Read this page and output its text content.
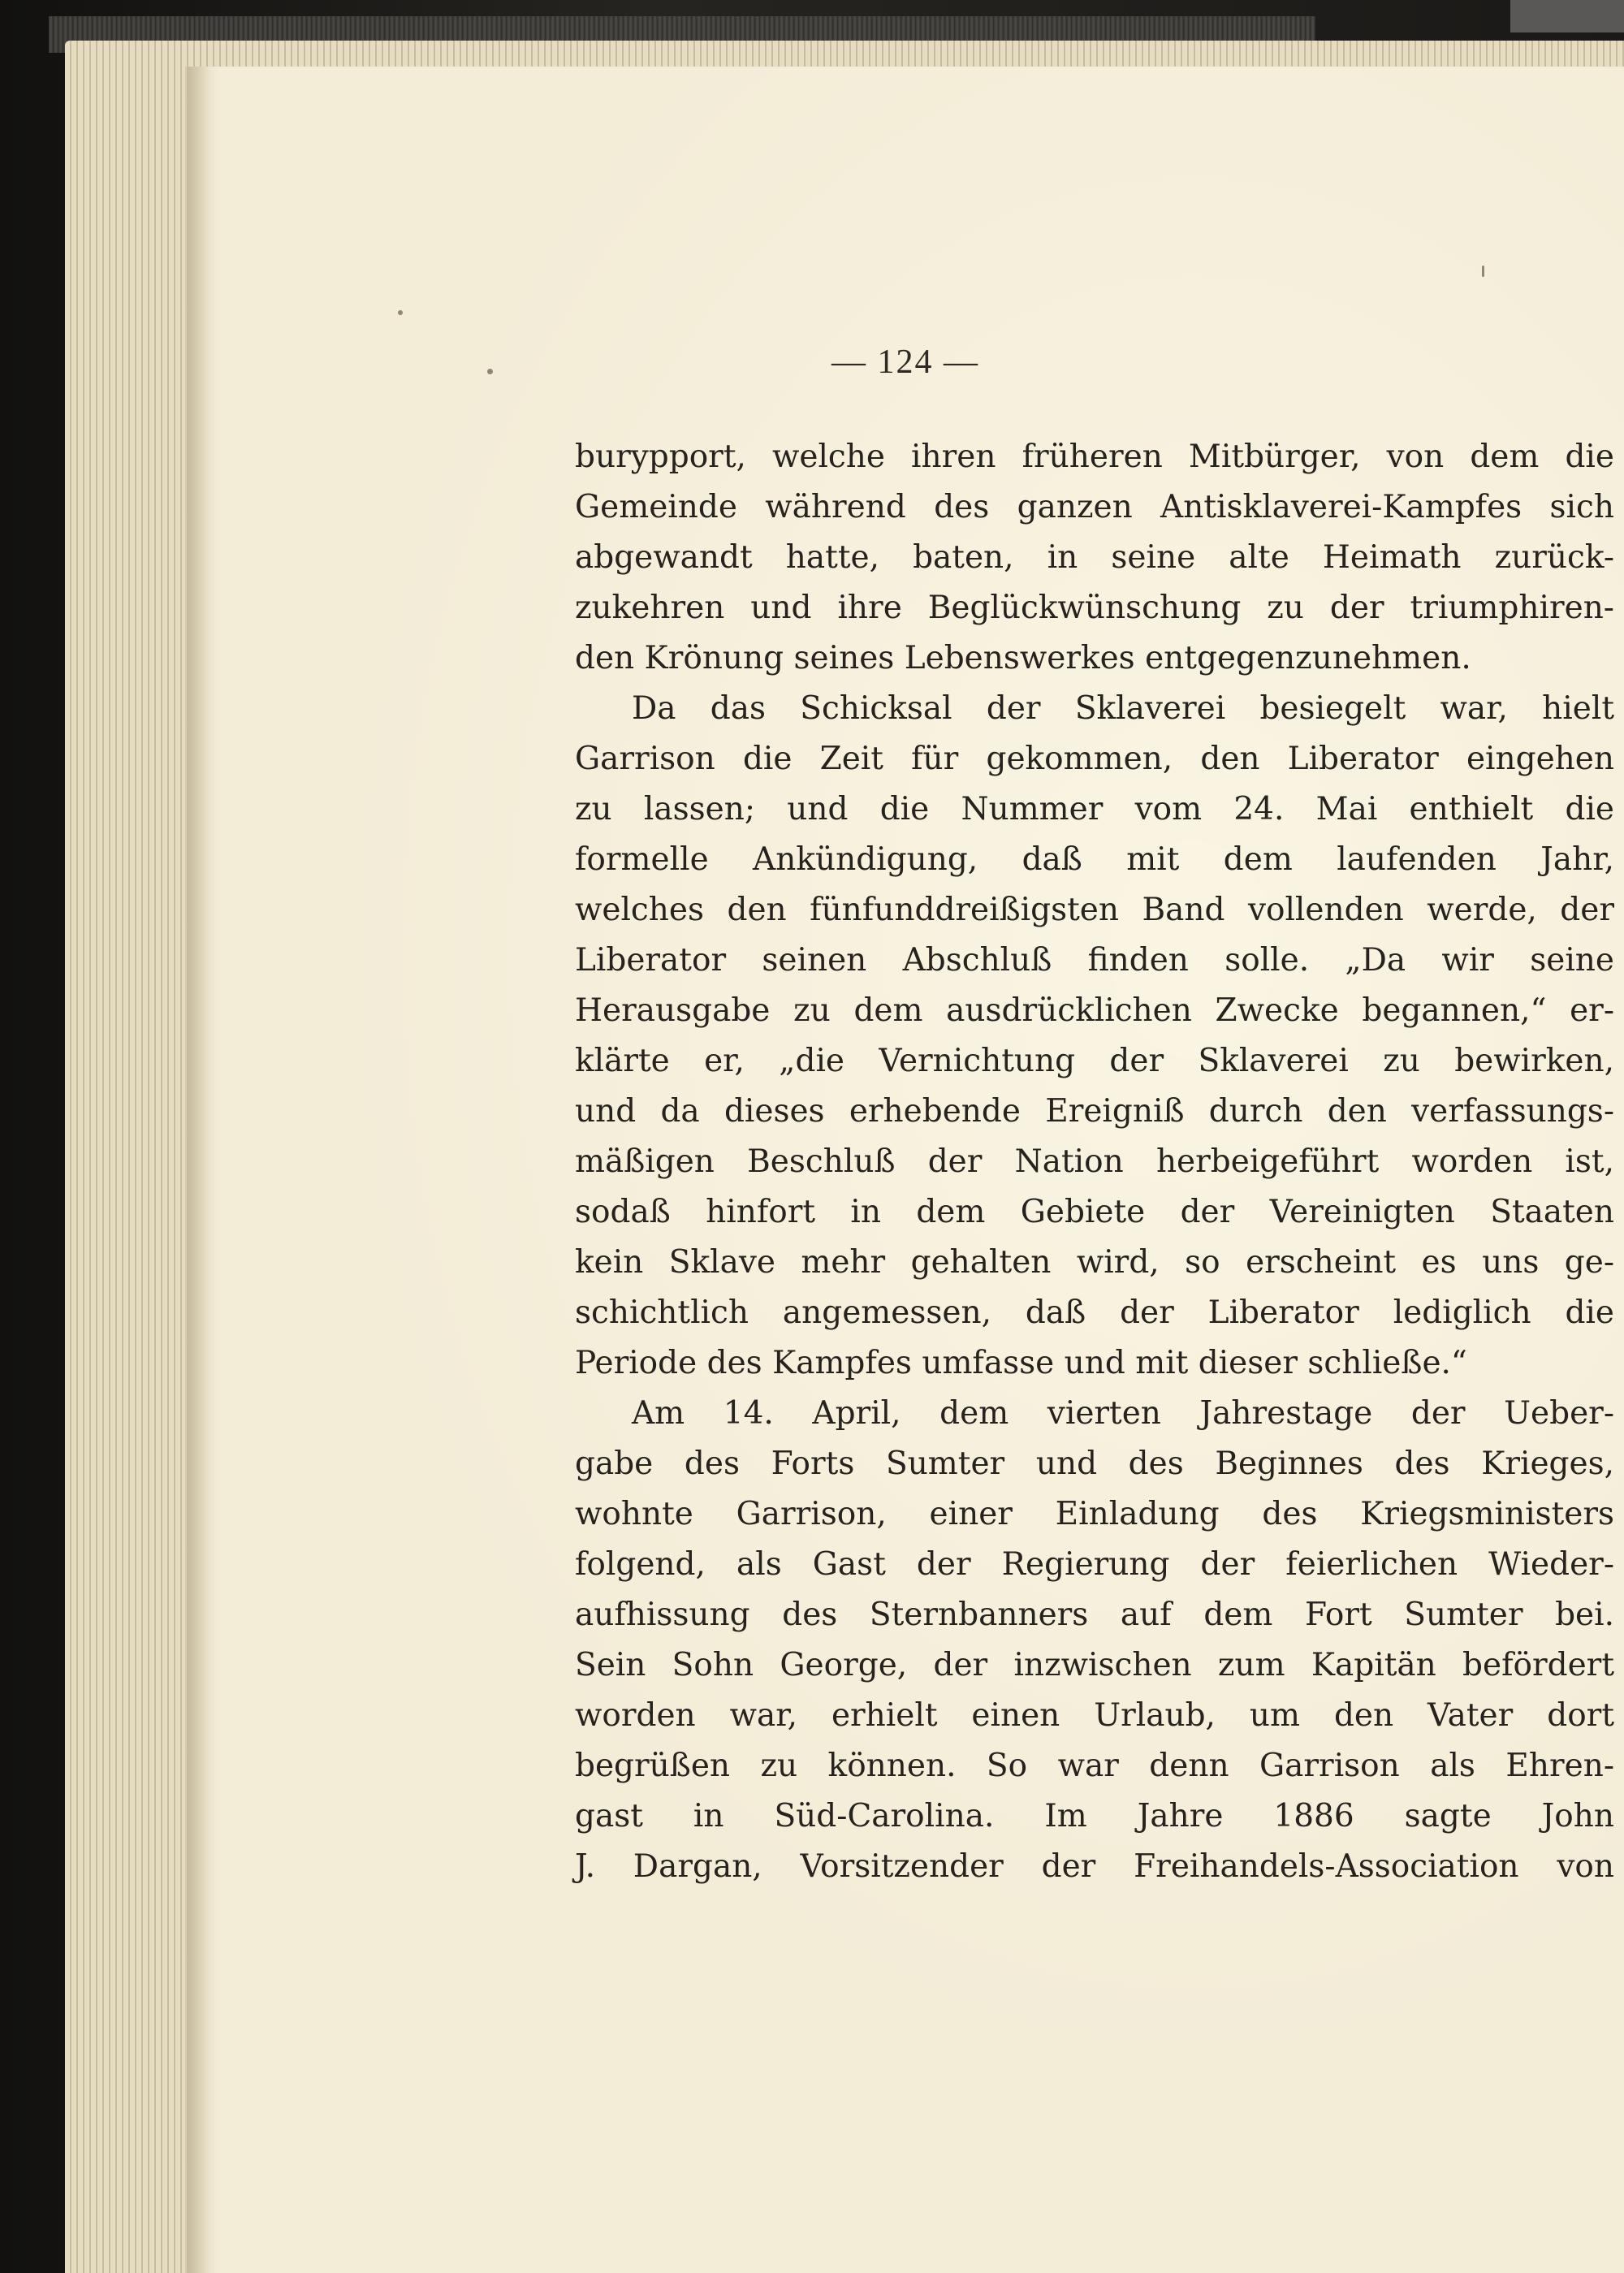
— 124 —
burypport, welche ihren früheren Mitbürger, von dem die
Gemeinde während des ganzen Antisklaverei-Kampfes sich
abgewandt hatte, baten, in seine alte Heimath zurück-
zukehren und ihre Beglückwünschung zu der triumphiren-
den Krönung seines Lebenswerkes entgegenzunehmen.
Da das Schicksal der Sklaverei besiegelt war, hielt
Garrison die Zeit für gekommen, den Liberator eingehen
zu lassen; und die Nummer vom 24. Mai enthielt die
formelle Ankündigung, daß mit dem laufenden Jahr,
welches den fünfunddreißigsten Band vollenden werde, der
Liberator seinen Abschluß finden solle. „Da wir seine
Herausgabe zu dem ausdrücklichen Zwecke begannen,“ er-
klärte er, „die Vernichtung der Sklaverei zu bewirken,
und da dieses erhebende Ereigniß durch den verfassungs-
mäßigen Beschluß der Nation herbeigeführt worden ist,
sodaß hinfort in dem Gebiete der Vereinigten Staaten
kein Sklave mehr gehalten wird, so erscheint es uns ge-
schichtlich angemessen, daß der Liberator lediglich die
Periode des Kampfes umfasse und mit dieser schließe.“
Am 14. April, dem vierten Jahrestage der Ueber-
gabe des Forts Sumter und des Beginnes des Krieges,
wohnte Garrison, einer Einladung des Kriegsministers
folgend, als Gast der Regierung der feierlichen Wieder-
aufhissung des Sternbanners auf dem Fort Sumter bei.
Sein Sohn George, der inzwischen zum Kapitän befördert
worden war, erhielt einen Urlaub, um den Vater dort
begrüßen zu können. So war denn Garrison als Ehren-
gast in Süd-Carolina. Im Jahre 1886 sagte John
J. Dargan, Vorsitzender der Freihandels-Association von
